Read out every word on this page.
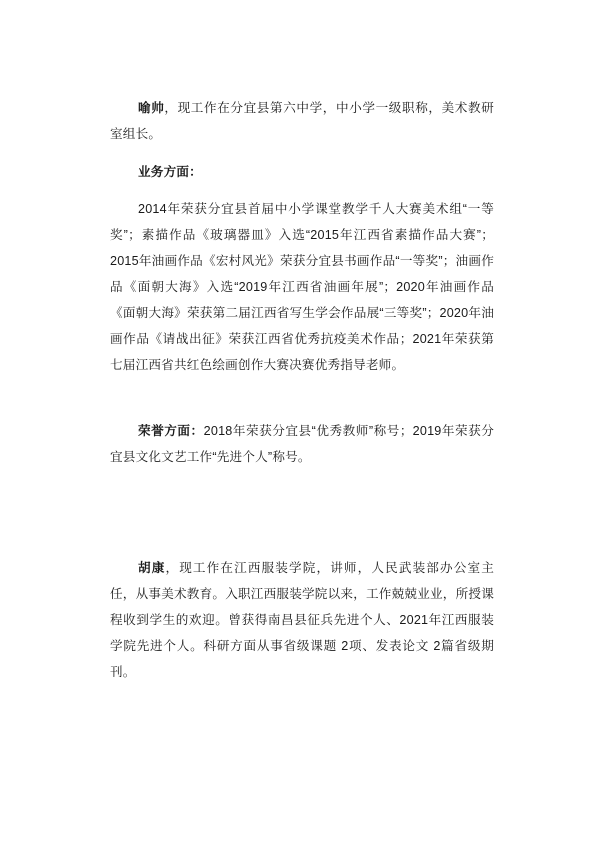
喻帅，现工作在分宜县第六中学，中小学一级职称，美术教研室组长。

业务方面：

2014年荣获分宜县首届中小学课堂教学千人大赛美术组“一等奖”；素描作品《玻璃器皿》入选“2015年江西省素描作品大赛”；2015年油画作品《宏村风光》荣获分宜县书画作品“一等奖”；油画作品《面朝大海》入选“2019年江西省油画年展”；2020年油画作品《面朝大海》荣获第二届江西省写生学会作品展“三等奖”；2020年油画作品《请战出征》荣获江西省优秀抗疫美术作品；2021年荣获第七届江西省共红色绘画创作大赛决赛优秀指导老师。

荣誉方面：2018年荣获分宜县“优秀教师”称号；2019年荣获分宜县文化文艺工作“先进个人”称号。

胡康，现工作在江西服装学院，讲师，人民武装部办公室主任，从事美术教育。入职江西服装学院以来，工作兢兢业业，所授课程收到学生的欢迎。曾获得南昌县征兵先进个人、2021年江西服装学院先进个人。科研方面从事省级课题 2项、发表论文 2篇省级期刊。
